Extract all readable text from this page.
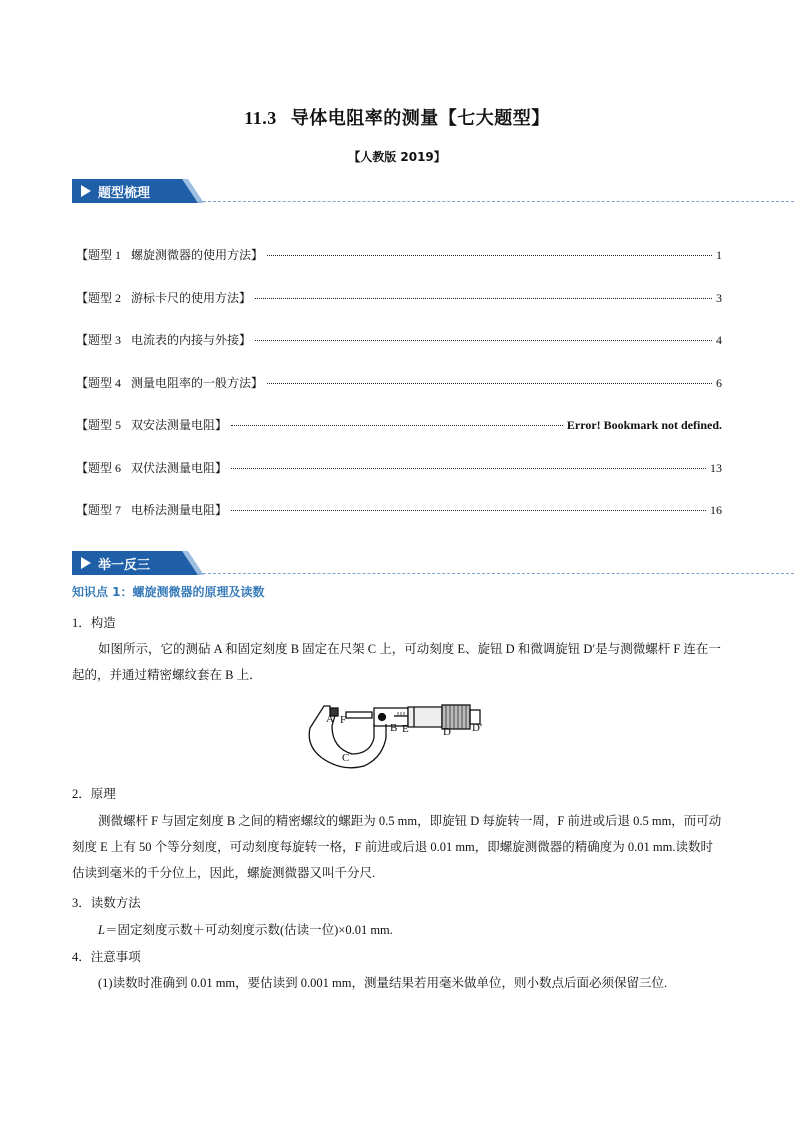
11.3 导体电阻率的测量【七大题型】
【人教版 2019】
题型梳理
【题型 1 螺旋测微器的使用方法】	1
【题型 2 游标卡尺的使用方法】	3
【题型 3 电流表的内接与外接】	4
【题型 4 测量电阻率的一般方法】	6
【题型 5 双安法测量电阻】	Error! Bookmark not defined.
【题型 6 双伏法测量电阻】	13
【题型 7 电桥法测量电阻】	16
举一反三
知识点 1：螺旋测微器的原理及读数
1．构造
如图所示，它的测砧 A 和固定刻度 B 固定在尺架 C 上，可动刻度 E、旋钮 D 和微调旋钮 D′是与测微螺杆 F 连在一起的，并通过精密螺纹套在 B 上．
A F
B E	D D′
C
2．原理
测微螺杆 F 与固定刻度 B 之间的精密螺纹的螺距为 0.5 mm，即旋钮 D 每旋转一周，F 前进或后退 0.5 mm，而可动刻度 E 上有 50 个等分刻度，可动刻度每旋转一格，F 前进或后退 0.01 mm，即螺旋测微器的精确度为 0.01 mm.读数时估读到毫米的千分位上，因此，螺旋测微器又叫千分尺.
3．读数方法
L＝固定刻度示数＋可动刻度示数(估读一位)×0.01 mm.
4．注意事项
(1)读数时准确到 0.01 mm，要估读到 0.001 mm，测量结果若用毫米做单位，则小数点后面必须保留三位.
